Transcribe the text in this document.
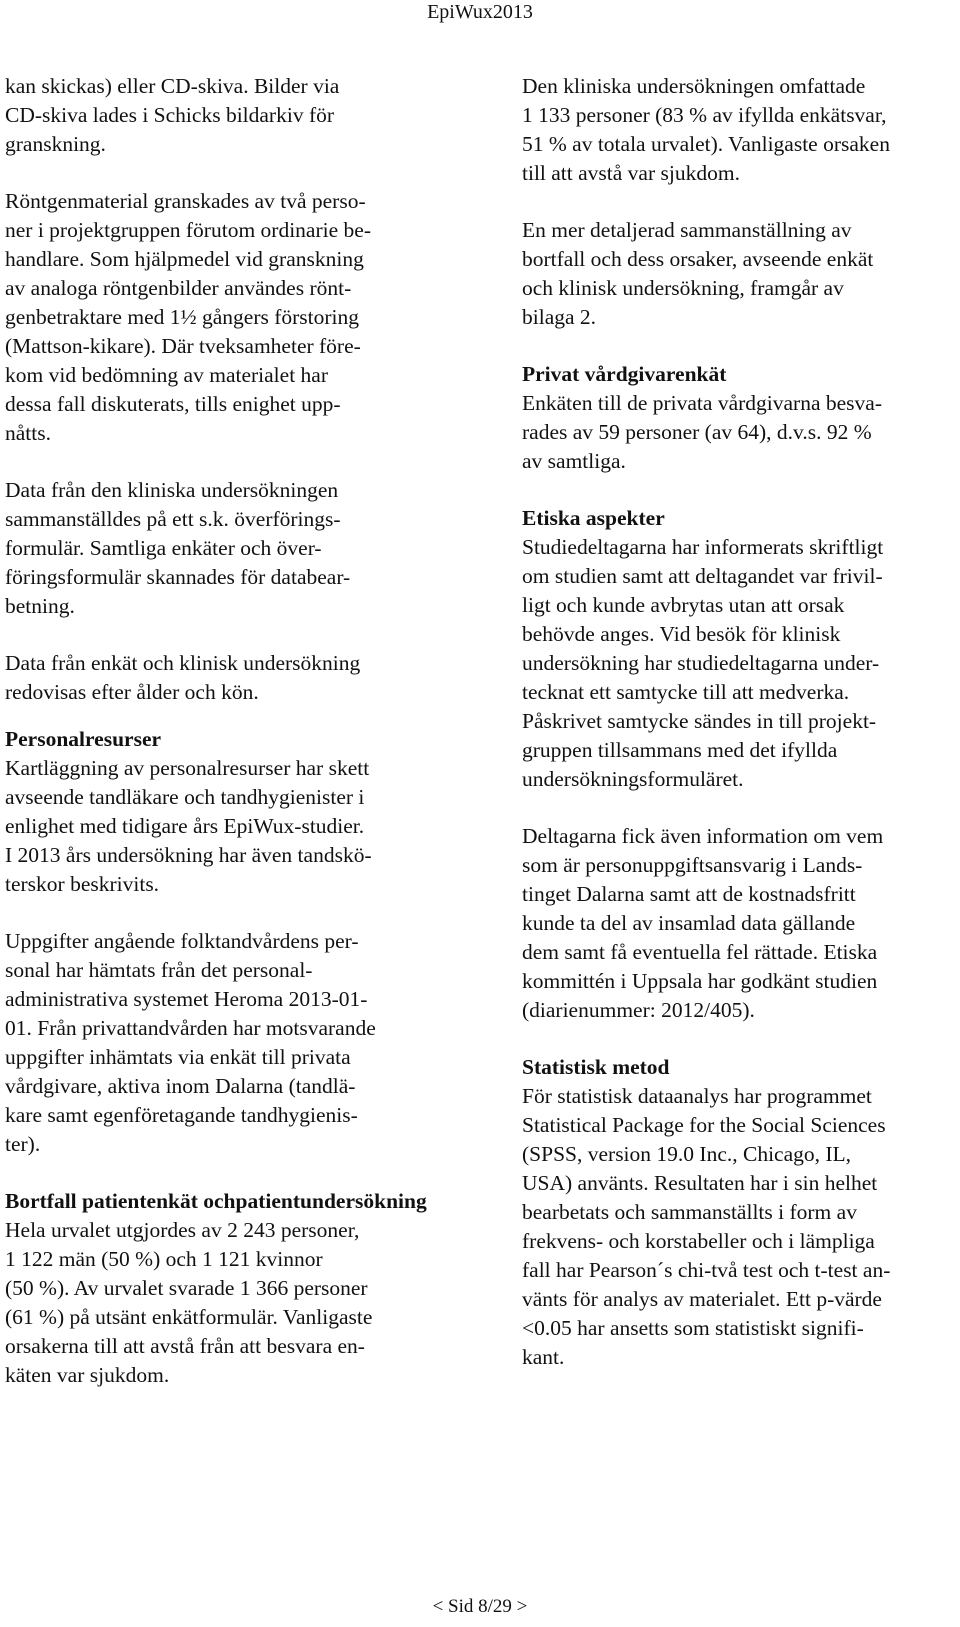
EpiWux2013
kan skickas) eller CD-skiva. Bilder via
CD-skiva lades i Schicks bildarkiv för
granskning.
Röntgenmaterial granskades av två perso-
ner i projektgruppen förutom ordinarie be-
handlare. Som hjälpmedel vid granskning
av analoga röntgenbilder användes rönt-
genbetraktare med 1½ gångers förstoring
(Mattson-kikare). Där tveksamheter före-
kom vid bedömning av materialet har
dessa fall diskuterats, tills enighet upp-
nåtts.
Data från den kliniska undersökningen
sammanställdes på ett s.k. överförings-
formulär. Samtliga enkäter och över-
föringsformulär skannades för databear-
betning.
Data från enkät och klinisk undersökning
redovisas efter ålder och kön.
Personalresurser
Kartläggning av personalresurser har skett
avseende tandläkare och tandhygienister i
enlighet med tidigare års EpiWux-studier.
I 2013 års undersökning har även tandskö-
terskor beskrivits.
Uppgifter angående folktandvårdens per-
sonal har hämtats från det personal-
administrativa systemet Heroma 2013-01-
01. Från privattandvården har motsvarande
uppgifter inhämtats via enkät till privata
vårdgivare, aktiva inom Dalarna (tandlä-
kare samt egenföretagande tandhygienis-
ter).
Bortfall patientenkät ochpatientundersökning
Hela urvalet utgjordes av 2 243 personer,
1 122 män (50 %) och 1 121 kvinnor
(50 %). Av urvalet svarade 1 366 personer
(61 %) på utsänt enkätformulär. Vanligaste
orsakerna till att avstå från att besvara en-
käten var sjukdom.
Den kliniska undersökningen omfattade
1 133 personer (83 % av ifyllda enkätsvar,
51 % av totala urvalet). Vanligaste orsaken
till att avstå var sjukdom.
En mer detaljerad sammanställning av
bortfall och dess orsaker, avseende enkät
och klinisk undersökning, framgår av
bilaga 2.
Privat vårdgivarenkät
Enkäten till de privata vårdgivarna besva-
rades av 59 personer (av 64), d.v.s. 92 %
av samtliga.
Etiska aspekter
Studiedeltagarna har informerats skriftligt
om studien samt att deltagandet var frivil-
ligt och kunde avbrytas utan att orsak
behövde anges. Vid besök för klinisk
undersökning har studiedeltagarna under-
tecknat ett samtycke till att medverka.
Påskrivet samtycke sändes in till projekt-
gruppen tillsammans med det ifyllda
undersökningsformuläret.
Deltagarna fick även information om vem
som är personuppgiftsansvarig i Lands-
tinget Dalarna samt att de kostnadsfritt
kunde ta del av insamlad data gällande
dem samt få eventuella fel rättade. Etiska
kommittén i Uppsala har godkänt studien
(diarienummer: 2012/405).
Statistisk metod
För statistisk dataanalys har programmet
Statistical Package for the Social Sciences
(SPSS, version 19.0 Inc., Chicago, IL,
USA) använts. Resultaten har i sin helhet
bearbetats och sammanställts i form av
frekvens- och korstabeller och i lämpliga
fall har Pearson´s chi-två test och t-test an-
vänts för analys av materialet. Ett p-värde
<0.05 har ansetts som statistiskt signifi-
kant.
< Sid 8/29 >
